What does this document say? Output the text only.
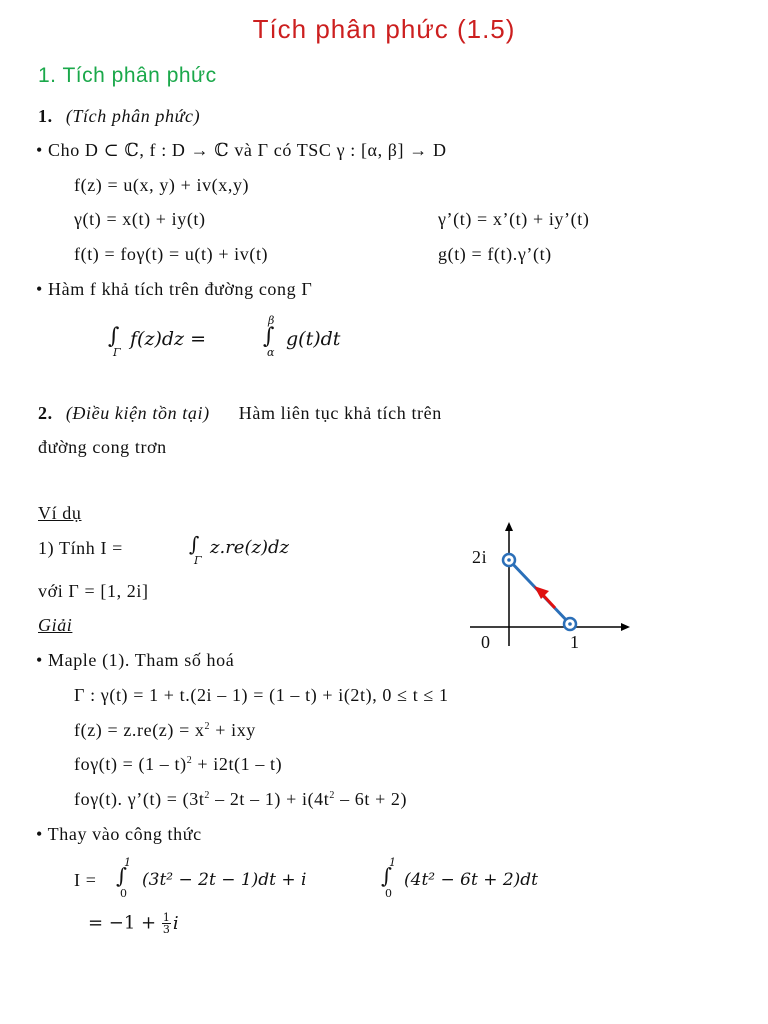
Tích phân phức (1.5)
1. Tích phân phức
1. (Tích phân phức)
• Cho D ⊂ ℂ, f : D → ℂ và Γ có TSC γ : [α, β] → D
f(z) = u(x, y) + iv(x,y)
γ(t) = x(t) + iy(t)	γ’(t) = x’(t) + iy’(t)
f(t) = foγ(t) = u(t) + iv(t)	g(t) = f(t).γ’(t)
• Hàm f khả tích trên đường cong Γ
∫
Γ
f(z)dz =	∫
β
α
g(t)dt
2. (Điều kiện tồn tại) Hàm liên tục khả tích trên
đường cong trơn
Ví dụ
1) Tính I =	∫
Γ
z.re(z)dz
với Γ = [1, 2i]
Giải
2i
0	1
• Maple (1). Tham số hoá
Γ : γ(t) = 1 + t.(2i – 1) = (1 – t) + i(2t), 0 ≤ t ≤ 1
$f(z) = z.re(z) = x^2$ + ixy
foγ(t) = (1 – t)$^2$ + i2t(1 – t)
foγ(t). γ’(t) = $(3t^2 - 2t - 1) + i(4t^2 - 6t + 2)$
• Thay vào công thức
I = ∫
1
0
(3t² − 2t − 1)dt + i	∫
1
0
(4t² − 6t + 2)dt
= $-1 + \frac{1}{3}$ i
